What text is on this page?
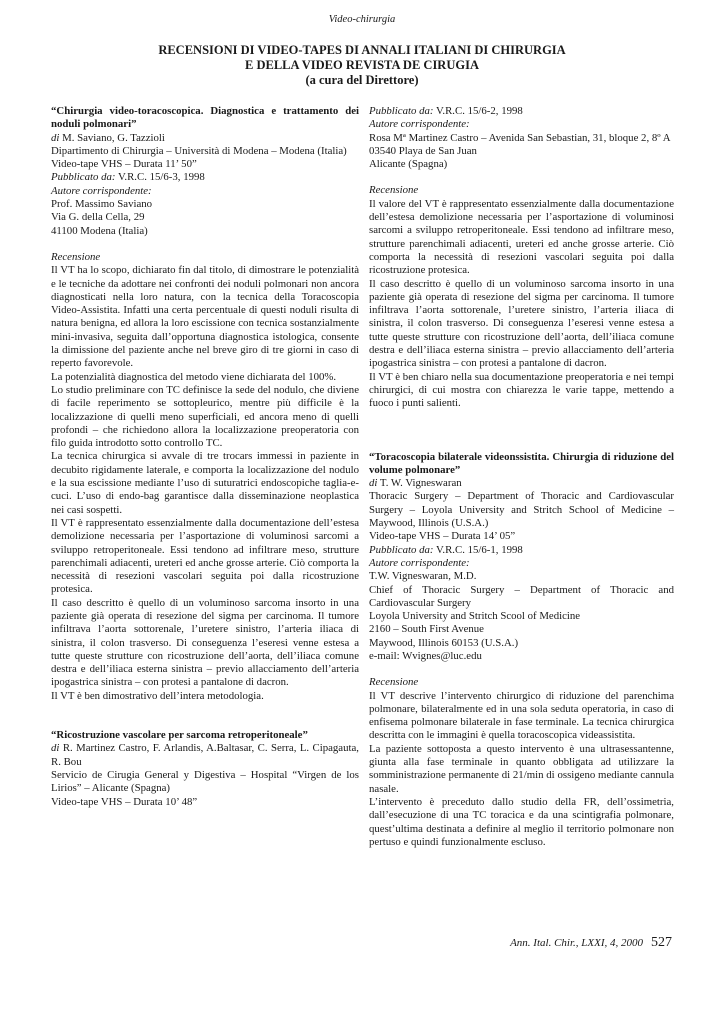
Video-chirurgia
RECENSIONI DI VIDEO-TAPES DI ANNALI ITALIANI DI CHIRURGIA
E DELLA VIDEO REVISTA DE CIRUGIA
(a cura del Direttore)
“Chirurgia video-toracoscopica. Diagnostica e trattamento dei noduli polmonari”
di M. Saviano, G. Tazzioli
Dipartimento di Chirurgia – Università di Modena – Modena (Italia)
Video-tape VHS – Durata 11’ 50”
Pubblicato da: V.R.C. 15/6-3, 1998
Autore corrispondente:
Prof. Massimo Saviano
Via G. della Cella, 29
41100 Modena (Italia)
Recensione

Il VT ha lo scopo, dichiarato fin dal titolo, di dimostrare le potenzialità e le tecniche da adottare nei confronti dei noduli polmonari non ancora diagnosticati nella loro natura, con la tecnica della Toracoscopia Video-Assistita. Infatti una certa percentuale di questi noduli risulta di natura benigna, ed allora la loro escissione con tecnica sostanzialmente mini-invasiva, seguita dall’opportuna diagnostica istologica, consente la dimissione del paziente anche nel breve giro di tre giorni in caso di reperto favorevole.

La potenzialità diagnostica del metodo viene dichiarata del 100%.

Lo studio preliminare con TC definisce la sede del nodulo, che diviene di facile reperimento se sottopleurico, mentre più difficile è la localizzazione di quelli meno superficiali, ed ancora meno di quelli profondi – che richiedono allora la localizzazione preoperatoria con filo guida introdotto sotto controllo TC.

La tecnica chirurgica si avvale di tre trocars immessi in paziente in decubito rigidamente laterale, e comporta la localizzazione del nodulo e la sua escissione mediante l’uso di suturatrici endoscopiche taglia-e-cuci. L’uso di endo-bag garantisce dalla disseminazione neoplastica nei casi sospetti.

Il VT è rappresentato essenzialmente dalla documentazione dell’estesa demolizione necessaria per l’asportazione di voluminosi sarcomi a sviluppo retroperitoneale. Essi tendono ad infiltrare meso, strutture parenchimali adiacenti, ureteri ed anche grosse arterie. Ciò comporta la necessità di resezioni vascolari seguita poi dalla ricostruzione protesica.

Il caso descritto è quello di un voluminoso sarcoma insorto in una paziente già operata di resezione del sigma per carcinoma. Il tumore infiltrava l’aorta sottorenale, l’uretere sinistro, l’arteria iliaca di sinistra, il colon trasverso. Di conseguenza l’eseresi venne estesa a tutte queste strutture con ricostruzione dell’aorta, dell’iliaca comune destra e dell’iliaca esterna sinistra – previo allacciamento dell’arteria ipogastrica sinistra – con protesi a pantalone di dacron.

Il VT è ben dimostrativo dell’intera metodologia.

“Ricostruzione vascolare per sarcoma retroperitoneale”
di R. Martinez Castro, F. Arlandis, A.Baltasar, C. Serra, L. Cipagauta, R. Bou
Servicio de Cirugia General y Digestiva – Hospital “Virgen de los Lirios” – Alicante (Spagna)
Video-tape VHS – Durata 10’ 48”
Pubblicato da: V.R.C. 15/6-2, 1998
Autore corrispondente:
Rosa Mª Martinez Castro – Avenida San Sebastian, 31, bloque 2, 8º A
03540 Playa de San Juan
Alicante (Spagna)
Recensione

Il valore del VT è rappresentato essenzialmente dalla documentazione dell’estesa demolizione necessaria per l’asportazione di voluminosi sarcomi a sviluppo retroperitoneale. Essi tendono ad infiltrare meso, strutture parenchimali adiacenti, ureteri ed anche grosse arterie. Ciò comporta la necessità di resezioni vascolari seguita poi dalla ricostruzione protesica.

Il caso descritto è quello di un voluminoso sarcoma insorto in una paziente già operata di resezione del sigma per carcinoma. Il tumore infiltrava l’aorta sottorenale, l’uretere sinistro, l’arteria iliaca di sinistra, il colon trasverso. Di conseguenza l’eseresi venne estesa a tutte queste strutture con ricostruzione dell’aorta, dell’iliaca comune destra e dell’iliaca esterna sinistra – previo allacciamento dell’arteria ipogastrica sinistra – con protesi a pantalone di dacron.

Il VT è ben chiaro nella sua documentazione preoperatoria e nei tempi chirurgici, di cui mostra con chiarezza le varie tappe, mettendo a fuoco i punti salienti.

“Toracoscopia bilaterale videonssistita. Chirurgia di riduzione del volume polmonare”
di T. W. Vigneswaran
Thoracic Surgery – Department of Thoracic and Cardiovascular Surgery – Loyola University and Stritch School of Medicine – Maywood, Illinois (U.S.A.)
Video-tape VHS – Durata 14’ 05”
Pubblicato da: V.R.C. 15/6-1, 1998
Autore corrispondente:
T.W. Vigneswaran, M.D.
Chief of Thoracic Surgery – Department of Thoracic and Cardiovascular Surgery
Loyola University and Stritch Scool of Medicine
2160 – South First Avenue
Maywood, Illinois 60153 (U.S.A.)
e-mail: Wvignes@luc.edu
Recensione

Il VT descrive l’intervento chirurgico di riduzione del parenchima polmonare, bilateralmente ed in una sola seduta operatoria, in caso di enfisema polmonare bilaterale in fase terminale. La tecnica chirurgica descritta con le immagini è quella toracoscopica videassistita.

La paziente sottoposta a questo intervento è una ultrasessantenne, giunta alla fase terminale in quanto obbligata ad utilizzare la somministrazione permanente di 21/min di ossigeno mediante cannula nasale.

L’intervento è preceduto dallo studio della FR, dell’ossimetria, dall’esecuzione di una TC toracica e da una scintigrafia polmonare, quest’ultima destinata a definire al meglio il territorio polmonare non pertuso e quindi funzionalmente escluso.

Ann. Ital. Chir., LXXI, 4, 2000 527
